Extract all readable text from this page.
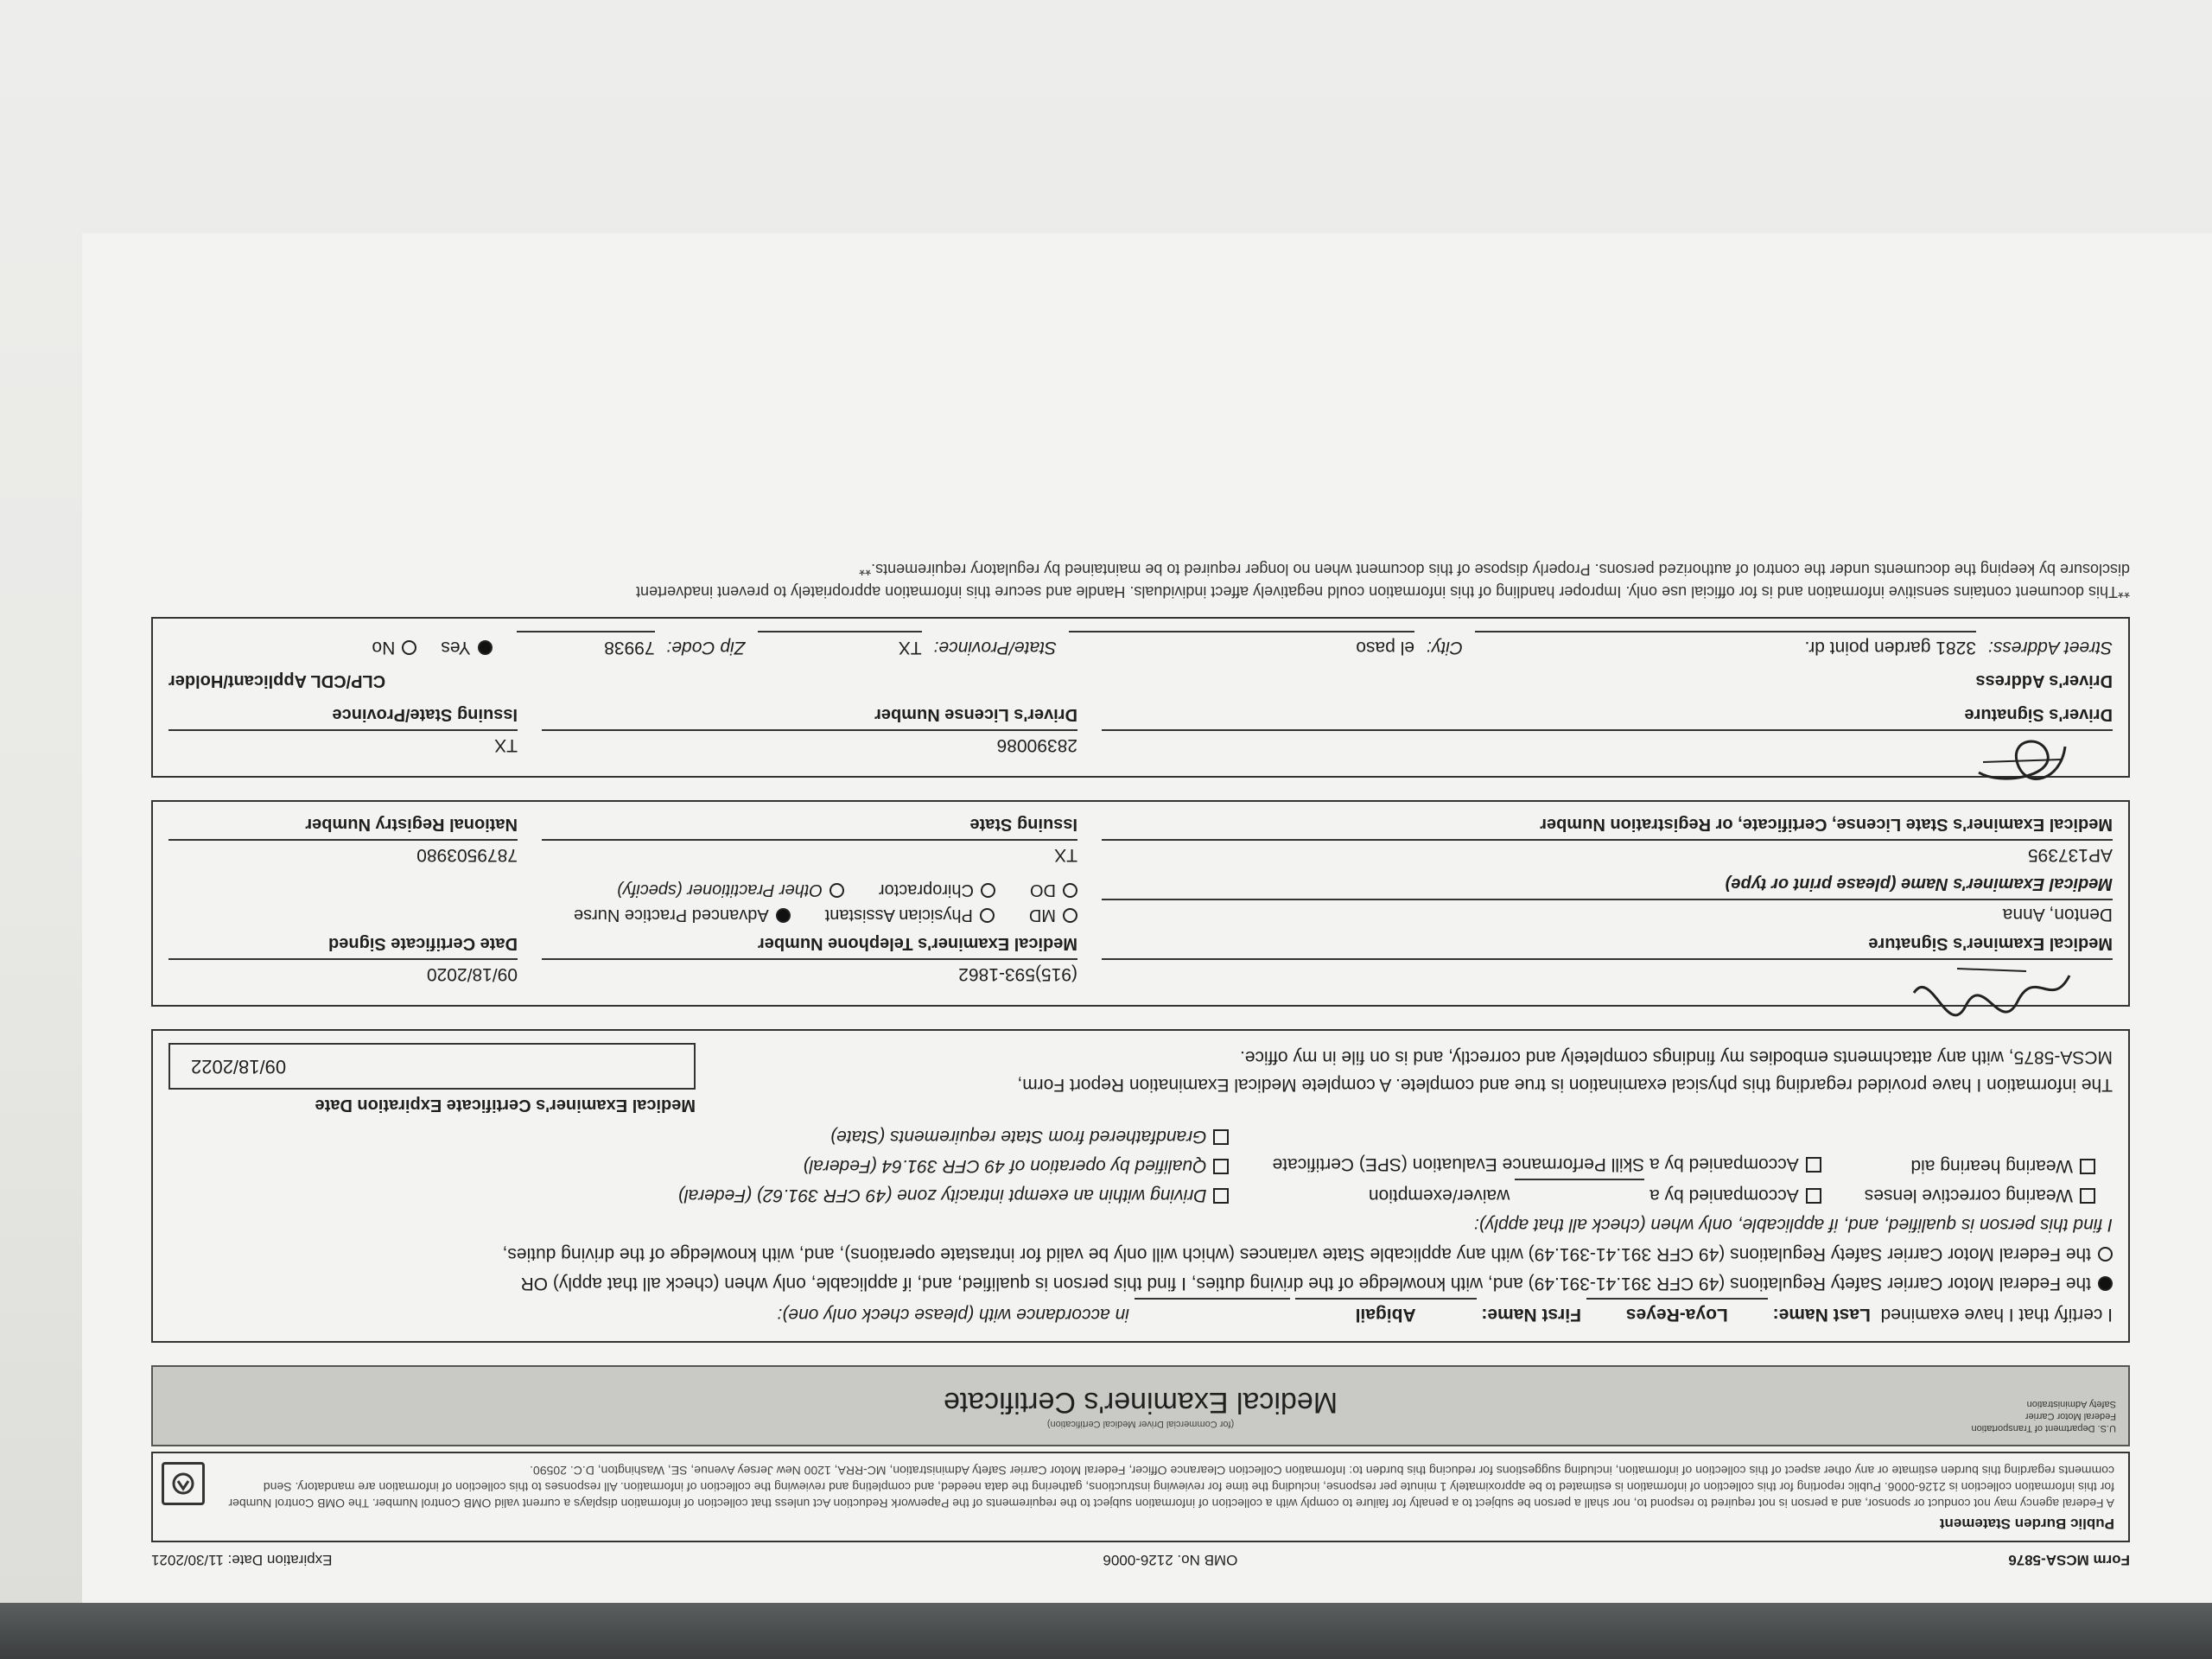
Form MCSA-5876
OMB No. 2126-0006
Expiration Date: 11/30/2021
Public Burden Statement
A Federal agency may not conduct or sponsor, and a person is not required to respond to, nor shall a person be subject to a penalty for failure to comply with a collection of information subject to the requirements of the Paperwork Reduction Act unless that collection of information displays a current valid OMB Control Number. The OMB Control Number for this information collection is 2126-0006. Public reporting for this collection of information is estimated to be approximately 1 minute per response, including the time for reviewing instructions, gathering the data needed, and completing and reviewing the collection of information. All responses to this collection of information are mandatory. Send comments regarding this burden estimate or any other aspect of this collection of information, including suggestions for reducing this burden to: Information Collection Clearance Officer, Federal Motor Carrier Safety Administration, MC-RRA, 1200 New Jersey Avenue, SE, Washington, D.C. 20590.
U.S. Department of Transportation
Federal Motor Carrier
Safety Administration
(for Commercial Driver Medical Certification)
Medical Examiner's Certificate
I certify that I have examined  Last Name: Loya-Reyes First Name: Abigail   in accordance with (please check only one):
the Federal Motor Carrier Safety Regulations (49 CFR 391.41-391.49) and, with knowledge of the driving duties, I find this person is qualified, and, if applicable, only when (check all that apply) OR
the Federal Motor Carrier Safety Regulations (49 CFR 391.41-391.49) with any applicable State variances (which will only be valid for intrastate operations), and, with knowledge of the driving duties,
I find this person is qualified, and, if applicable, only when (check all that apply):
Wearing corrective lenses
Wearing hearing aid
Accompanied by a   waiver/exemption
Accompanied by a Skill Performance Evaluation (SPE) Certificate
Driving within an exempt intracity zone (49 CFR 391.62) (Federal)
Qualified by operation of 49 CFR 391.64 (Federal)
Grandfathered from State requirements (State)
The information I have provided regarding this physical examination is true and complete. A complete Medical Examination Report Form,
MCSA-5875, with any attachments embodies my findings completely and correctly, and is on file in my office.
Medical Examiner's Certificate Expiration Date
09/18/2022
Medical Examiner's Signature
(915)593-1862
Medical Examiner's Telephone Number
09/18/2020
Date Certificate Signed
Denton, Anna
Medical Examiner's Name (please print or type)
MD
Physician Assistant
Advanced Practice Nurse
DO
Chiropractor
Other Practitioner (specify)
AP137395
Medical Examiner's State License, Certificate, or Registration Number
TX
Issuing State
7879503980
National Registry Number
Driver's Signature
28390086
Driver's License Number
TX
Issuing State/Province
Driver's Address
CLP/CDL Applicant/Holder
Street Address:
3281 garden point dr.
City:
el paso
State/Province:
TX
Zip Code:
79938
Yes
No
**This document contains sensitive information and is for official use only. Improper handling of this information could negatively affect individuals. Handle and secure this information appropriately to prevent inadvertent
disclosure by keeping the documents under the control of authorized persons. Properly dispose of this document when no longer required to be maintained by regulatory requirements.**
